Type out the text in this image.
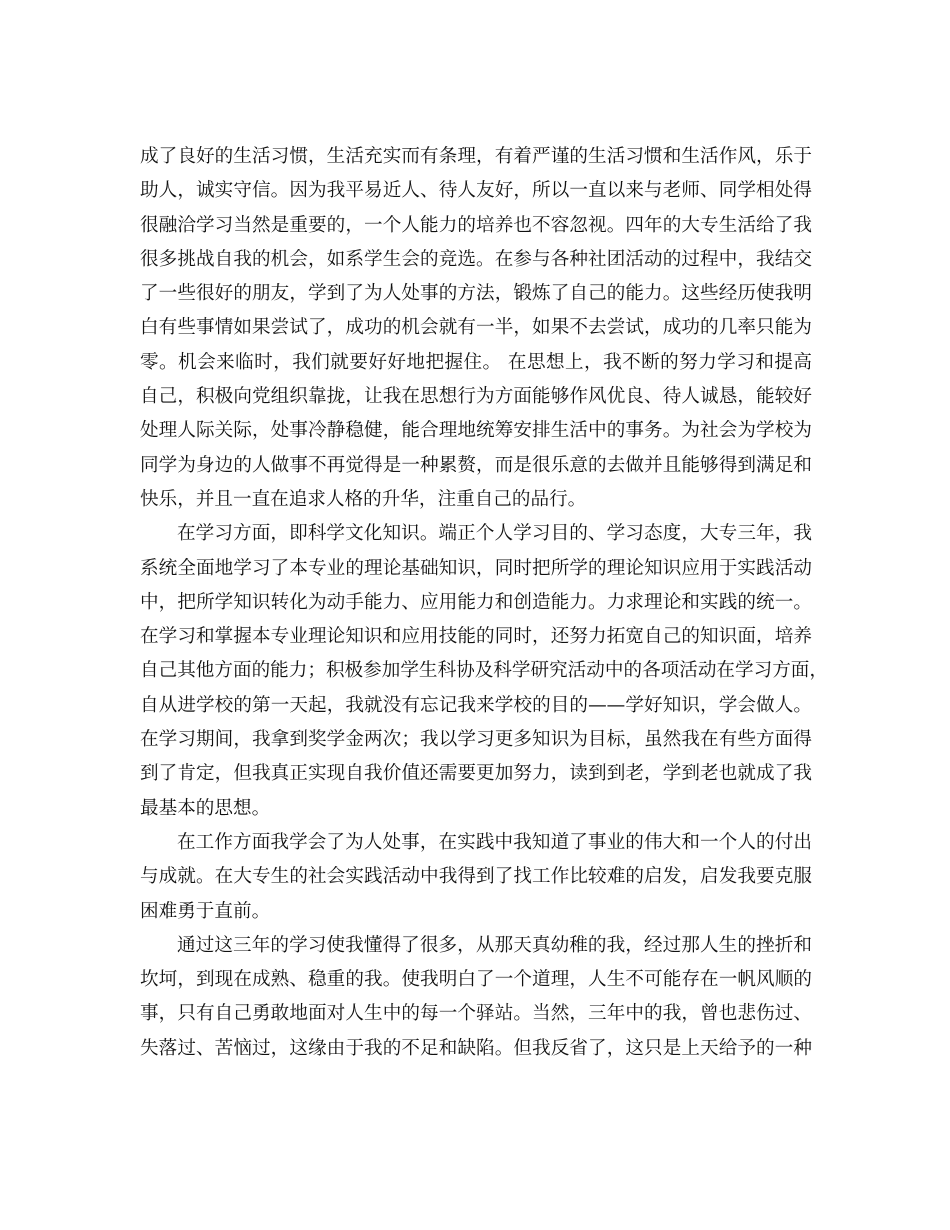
成了良好的生活习惯，生活充实而有条理，有着严谨的生活习惯和生活作风，乐于
助人，诚实守信。因为我平易近人、待人友好，所以一直以来与老师、同学相处得
很融洽学习当然是重要的，一个人能力的培养也不容忽视。四年的大专生活给了我
很多挑战自我的机会，如系学生会的竞选。在参与各种社团活动的过程中，我结交
了一些很好的朋友，学到了为人处事的方法，锻炼了自己的能力。这些经历使我明
白有些事情如果尝试了，成功的机会就有一半，如果不去尝试，成功的几率只能为
零。机会来临时，我们就要好好地把握住。 在思想上，我不断的努力学习和提高
自己，积极向党组织靠拢，让我在思想行为方面能够作风优良、待人诚恳，能较好
处理人际关际，处事冷静稳健，能合理地统筹安排生活中的事务。为社会为学校为
同学为身边的人做事不再觉得是一种累赘，而是很乐意的去做并且能够得到满足和
快乐，并且一直在追求人格的升华，注重自己的品行。
在学习方面，即科学文化知识。端正个人学习目的、学习态度，大专三年，我
系统全面地学习了本专业的理论基础知识，同时把所学的理论知识应用于实践活动
中，把所学知识转化为动手能力、应用能力和创造能力。力求理论和实践的统一。
在学习和掌握本专业理论知识和应用技能的同时，还努力拓宽自己的知识面，培养
自己其他方面的能力；积极参加学生科协及科学研究活动中的各项活动在学习方面，
自从进学校的第一天起，我就没有忘记我来学校的目的——学好知识，学会做人。
在学习期间，我拿到奖学金两次；我以学习更多知识为目标，虽然我在有些方面得
到了肯定，但我真正实现自我价值还需要更加努力，读到到老，学到老也就成了我
最基本的思想。
在工作方面我学会了为人处事，在实践中我知道了事业的伟大和一个人的付出
与成就。在大专生的社会实践活动中我得到了找工作比较难的启发，启发我要克服
困难勇于直前。
通过这三年的学习使我懂得了很多，从那天真幼稚的我，经过那人生的挫折和
坎坷，到现在成熟、稳重的我。使我明白了一个道理，人生不可能存在一帆风顺的
事，只有自己勇敢地面对人生中的每一个驿站。当然，三年中的我，曾也悲伤过、
失落过、苦恼过，这缘由于我的不足和缺陷。但我反省了，这只是上天给予的一种
